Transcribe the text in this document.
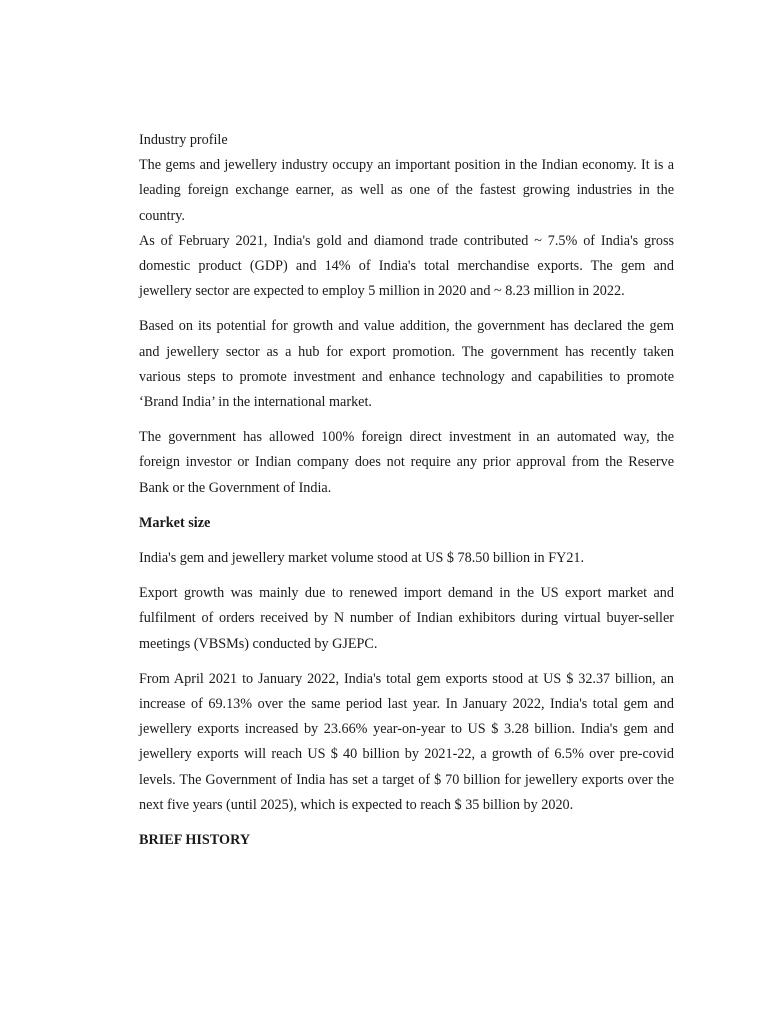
Industry profile

The gems and jewellery industry occupy an important position in the Indian economy. It is a leading foreign exchange earner, as well as one of the fastest growing industries in the country.

As of February 2021, India's gold and diamond trade contributed ~ 7.5% of India's gross domestic product (GDP) and 14% of India's total merchandise exports. The gem and jewellery sector are expected to employ 5 million in 2020 and ~ 8.23 million in 2022.

Based on its potential for growth and value addition, the government has declared the gem and jewellery sector as a hub for export promotion. The government has recently taken various steps to promote investment and enhance technology and capabilities to promote ‘Brand India’ in the international market.

The government has allowed 100% foreign direct investment in an automated way, the foreign investor or Indian company does not require any prior approval from the Reserve Bank or the Government of India.

Market size

India's gem and jewellery market volume stood at US $ 78.50 billion in FY21.

Export growth was mainly due to renewed import demand in the US export market and fulfilment of orders received by N number of Indian exhibitors during virtual buyer-seller meetings (VBSMs) conducted by GJEPC.

From April 2021 to January 2022, India's total gem exports stood at US $ 32.37 billion, an increase of 69.13% over the same period last year. In January 2022, India's total gem and jewellery exports increased by 23.66% year-on-year to US $ 3.28 billion. India's gem and jewellery exports will reach US $ 40 billion by 2021-22, a growth of 6.5% over pre-covid levels. The Government of India has set a target of $ 70 billion for jewellery exports over the next five years (until 2025), which is expected to reach $ 35 billion by 2020.

BRIEF HISTORY
